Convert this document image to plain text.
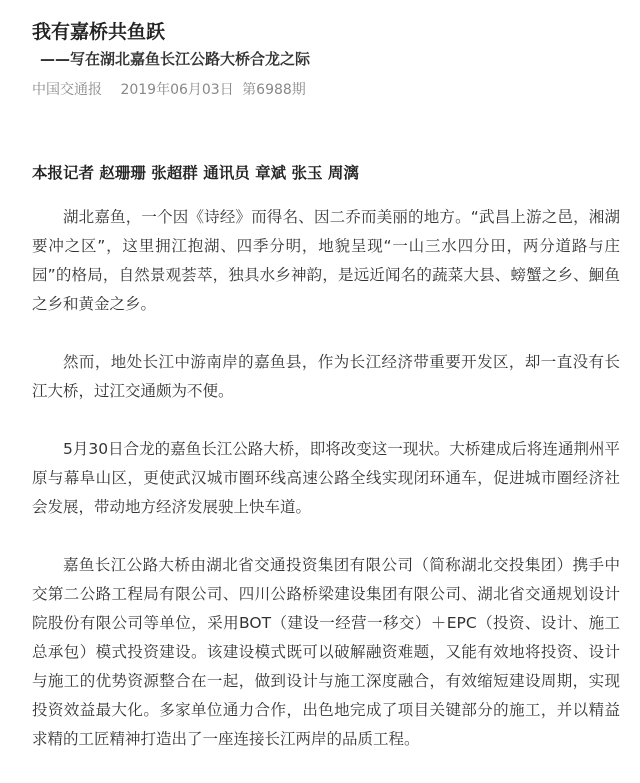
我有嘉桥共鱼跃
——写在湖北嘉鱼长江公路大桥合龙之际
中国交通报 2019年06月03日 第6988期
本报记者 赵珊珊 张超群 通讯员 章斌 张玉 周漓

湖北嘉鱼，一个因《诗经》而得名、因二乔而美丽的地方。“武昌上游之邑，湘湖要冲之区”，这里拥江抱湖、四季分明，地貌呈现“一山三水四分田，两分道路与庄园”的格局，自然景观荟萃，独具水乡神韵，是远近闻名的蔬菜大县、螃蟹之乡、鮰鱼之乡和黄金之乡。

然而，地处长江中游南岸的嘉鱼县，作为长江经济带重要开发区，却一直没有长江大桥，过江交通颇为不便。

5月30日合龙的嘉鱼长江公路大桥，即将改变这一现状。大桥建成后将连通荆州平原与幕阜山区，更使武汉城市圈环线高速公路全线实现闭环通车，促进城市圈经济社会发展，带动地方经济发展驶上快车道。

嘉鱼长江公路大桥由湖北省交通投资集团有限公司（简称湖北交投集团）携手中交第二公路工程局有限公司、四川公路桥梁建设集团有限公司、湖北省交通规划设计院股份有限公司等单位，采用BOT（建设一经营一移交）＋EPC（投资、设计、施工总承包）模式投资建设。该建设模式既可以破解融资难题，又能有效地将投资、设计与施工的优势资源整合在一起，做到设计与施工深度融合，有效缩短建设周期，实现投资效益最大化。多家单位通力合作，出色地完成了项目关键部分的施工，并以精益求精的工匠精神打造出了一座连接长江两岸的品质工程。
